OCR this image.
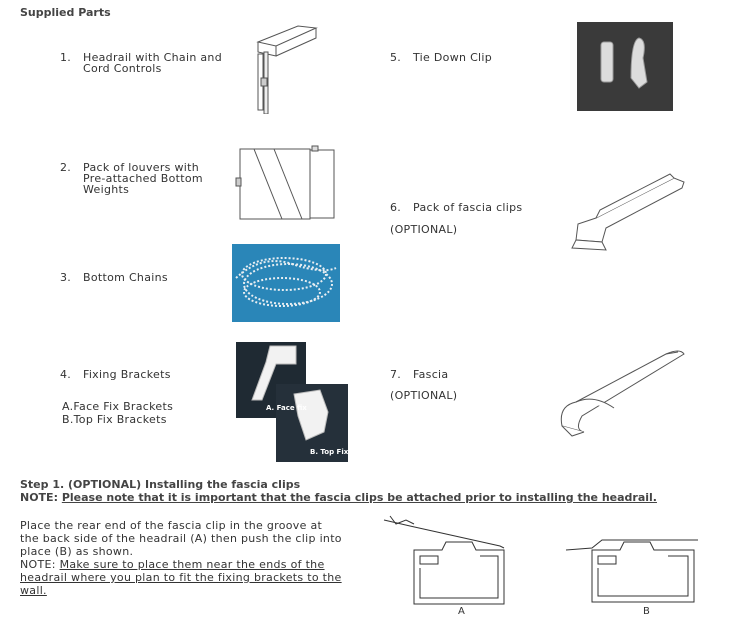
Supplied Parts
1. Headrail with Chain and
Cord Controls
2. Pack of louvers with
Pre-attached Bottom
Weights
3. Bottom Chains
4. Fixing Brackets
A.Face Fix Brackets
B.Top Fix Brackets
A. Face fix
B. Top Fix
5. Tie Down Clip
6. Pack of fascia clips
(OPTIONAL)
7. Fascia
(OPTIONAL)
Step 1. (OPTIONAL) Installing the fascia clips
NOTE: Please note that it is important that the fascia clips be attached prior to installing the headrail.
Place the rear end of the fascia clip in the groove at
the back side of the headrail (A) then push the clip into
place (B) as shown.
NOTE: Make sure to place them near the ends of the
headrail where you plan to fit the fixing brackets to the
wall.
A	B
